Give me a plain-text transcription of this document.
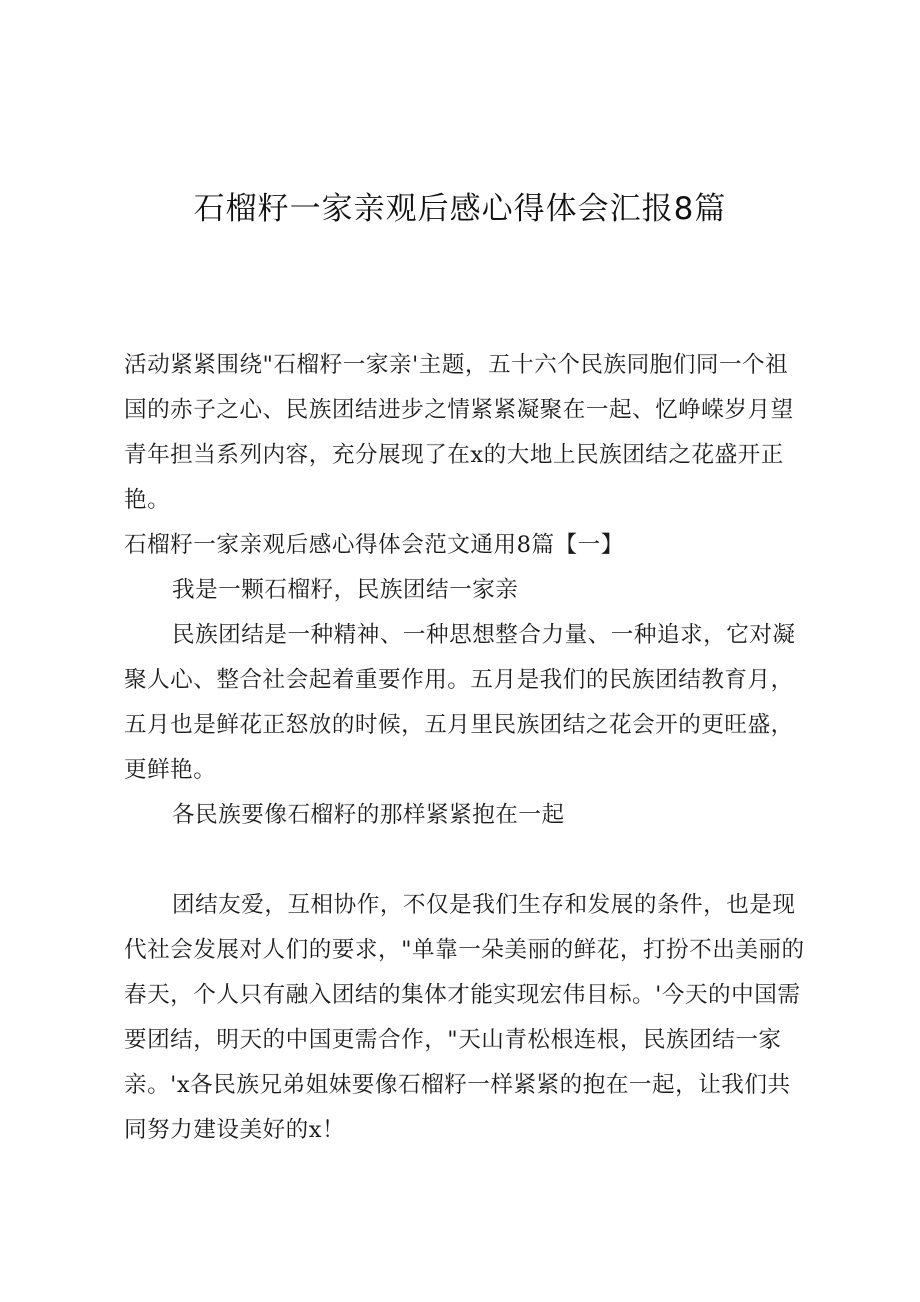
石榴籽一家亲观后感心得体会汇报8篇

活动紧紧围绕"石榴籽一家亲'主题，五十六个民族同胞们同一个祖国的赤子之心、民族团结进步之情紧紧凝聚在一起、忆峥嵘岁月望青年担当系列内容，充分展现了在x的大地上民族团结之花盛开正艳。

石榴籽一家亲观后感心得体会范文通用8篇【一】

我是一颗石榴籽，民族团结一家亲

民族团结是一种精神、一种思想整合力量、一种追求，它对凝聚人心、整合社会起着重要作用。五月是我们的民族团结教育月，五月也是鲜花正怒放的时候，五月里民族团结之花会开的更旺盛，更鲜艳。

各民族要像石榴籽的那样紧紧抱在一起

团结友爱，互相协作，不仅是我们生存和发展的条件，也是现代社会发展对人们的要求，"单靠一朵美丽的鲜花，打扮不出美丽的春天，个人只有融入团结的集体才能实现宏伟目标。'今天的中国需要团结，明天的中国更需合作，"天山青松根连根，民族团结一家亲。'x各民族兄弟姐妹要像石榴籽一样紧紧的抱在一起，让我们共同努力建设美好的x！
